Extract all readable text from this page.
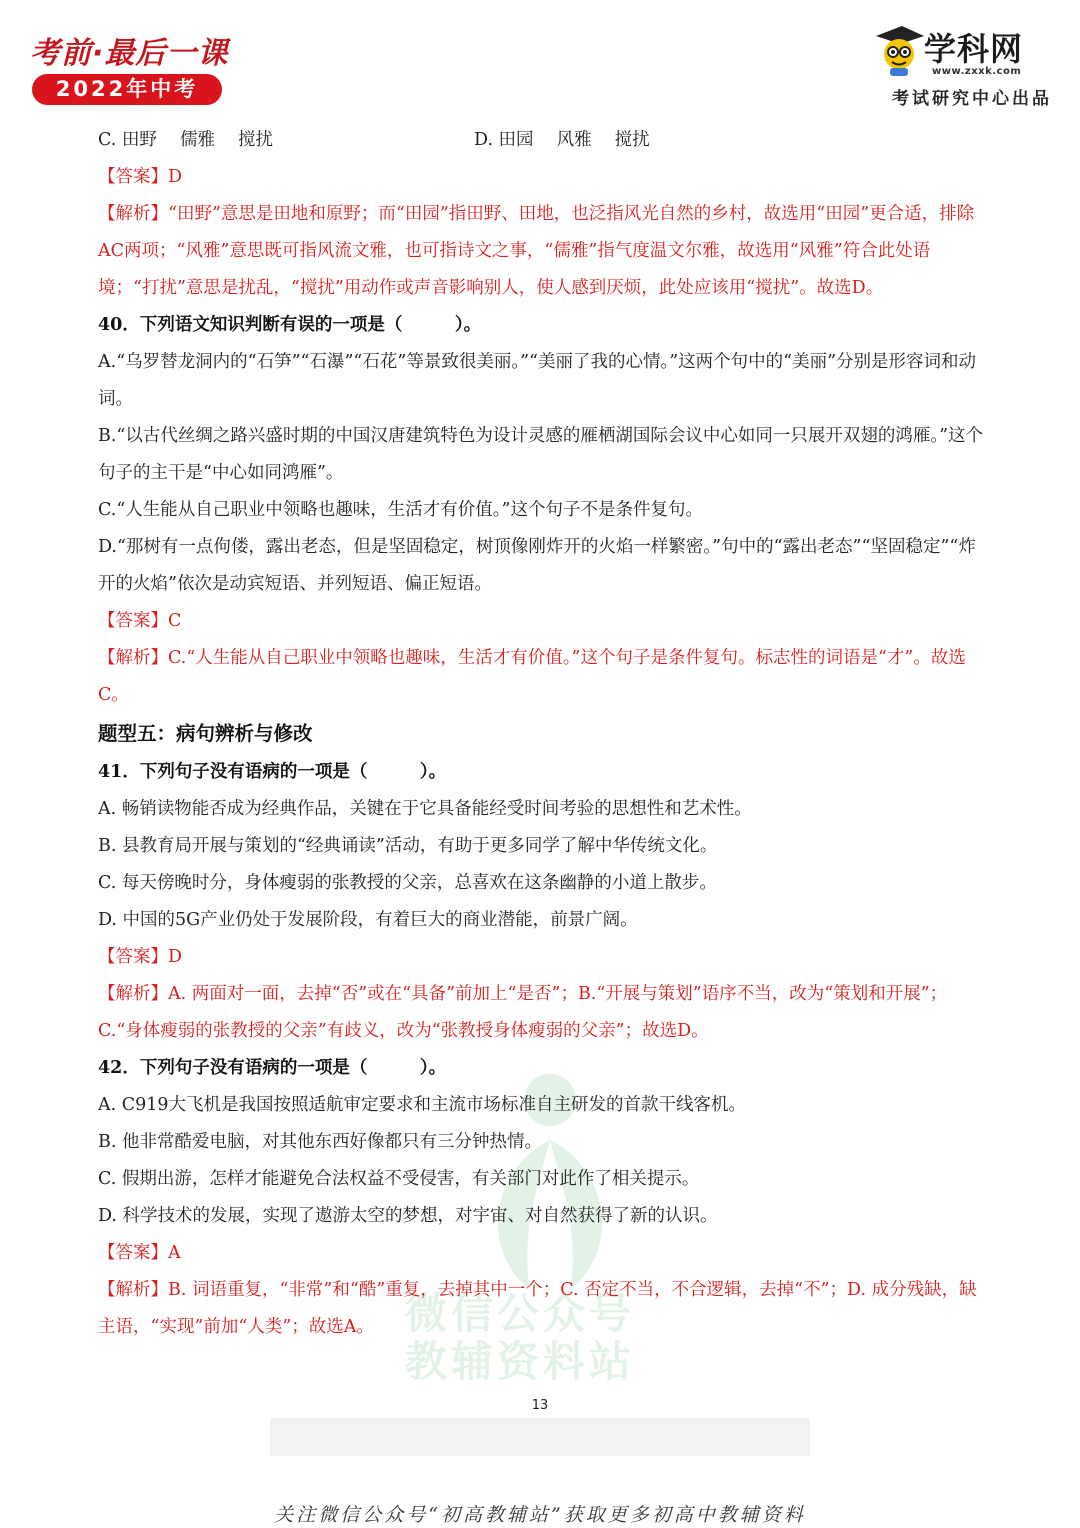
考前·最后一课
2022年中考
学科网
www.zxxk.com
考试研究中心出品
微信公众号
教辅资料站
C. 田野　 儒雅　 搅扰	D. 田园　 风雅　 搅扰
【答案】D
【解析】“田野”意思是田地和原野；而“田园”指田野、田地，也泛指风光自然的乡村，故选用“田园”更合适，排除AC两项；“风雅”意思既可指风流文雅，也可指诗文之事，“儒雅”指气度温文尔雅，故选用“风雅”符合此处语境；“打扰”意思是扰乱，“搅扰”用动作或声音影响别人，使人感到厌烦，此处应该用“搅扰”。故选D。
40．下列语文知识判断有误的一项是（　　　）。
A.“乌罗替龙洞内的“石笋”“石瀑”“石花”等景致很美丽。”“美丽了我的心情。”这两个句中的“美丽”分别是形容词和动词。
B.“以古代丝绸之路兴盛时期的中国汉唐建筑特色为设计灵感的雁栖湖国际会议中心如同一只展开双翅的鸿雁。”这个句子的主干是“中心如同鸿雁”。
C.“人生能从自己职业中领略也趣味，生活才有价值。”这个句子不是条件复句。
D.“那树有一点佝偻，露出老态，但是坚固稳定，树顶像刚炸开的火焰一样繁密。”句中的“露出老态”“坚固稳定”“炸开的火焰”依次是动宾短语、并列短语、偏正短语。
【答案】C
【解析】C.“人生能从自己职业中领略也趣味，生活才有价值。”这个句子是条件复句。标志性的词语是“才”。故选C。
题型五：病句辨析与修改
41．下列句子没有语病的一项是（　　　）。
A. 畅销读物能否成为经典作品，关键在于它具备能经受时间考验的思想性和艺术性。
B. 县教育局开展与策划的“经典诵读”活动，有助于更多同学了解中华传统文化。
C. 每天傍晚时分，身体瘦弱的张教授的父亲，总喜欢在这条幽静的小道上散步。
D. 中国的5G产业仍处于发展阶段，有着巨大的商业潜能，前景广阔。
【答案】D
【解析】A. 两面对一面，去掉“否”或在“具备”前加上“是否”；B.“开展与策划”语序不当，改为“策划和开展”；C.“身体瘦弱的张教授的父亲”有歧义，改为“张教授身体瘦弱的父亲”；故选D。
42．下列句子没有语病的一项是（　　　）。
A. C919大飞机是我国按照适航审定要求和主流市场标准自主研发的首款干线客机。
B. 他非常酷爱电脑，对其他东西好像都只有三分钟热情。
C. 假期出游，怎样才能避免合法权益不受侵害，有关部门对此作了相关提示。
D. 科学技术的发展，实现了遨游太空的梦想，对宇宙、对自然获得了新的认识。
【答案】A
【解析】B. 词语重复，“非常”和“酷”重复，去掉其中一个；C. 否定不当，不合逻辑，去掉“不”；D. 成分残缺，缺主语，“实现”前加“人类”；故选A。
13
关注微信公众号“初高教辅站”获取更多初高中教辅资料
